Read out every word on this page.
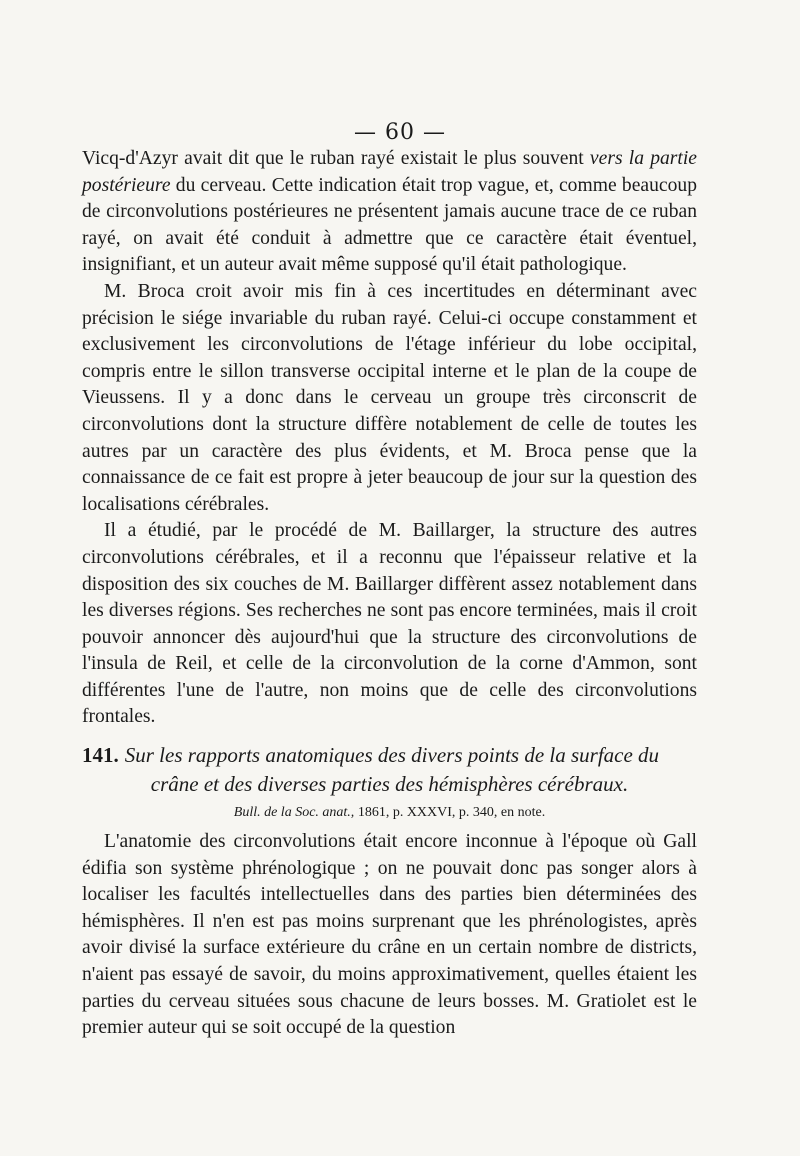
— 60 —

Vicq-d'Azyr avait dit que le ruban rayé existait le plus souvent vers la partie postérieure du cerveau. Cette indication était trop vague, et, comme beaucoup de circonvolutions postérieures ne présentent jamais aucune trace de ce ruban rayé, on avait été conduit à admettre que ce caractère était éventuel, insignifiant, et un auteur avait même supposé qu'il était pathologique.

M. Broca croit avoir mis fin à ces incertitudes en déterminant avec précision le siége invariable du ruban rayé. Celui-ci occupe constamment et exclusivement les circonvolutions de l'étage inférieur du lobe occipital, compris entre le sillon transverse occipital interne et le plan de la coupe de Vieussens. Il y a donc dans le cerveau un groupe très circonscrit de circonvolutions dont la structure diffère notablement de celle de toutes les autres par un caractère des plus évidents, et M. Broca pense que la connaissance de ce fait est propre à jeter beaucoup de jour sur la question des localisations cérébrales.

Il a étudié, par le procédé de M. Baillarger, la structure des autres circonvolutions cérébrales, et il a reconnu que l'épaisseur relative et la disposition des six couches de M. Baillarger diffèrent assez notablement dans les diverses régions. Ses recherches ne sont pas encore terminées, mais il croit pouvoir annoncer dès aujourd'hui que la structure des circonvolutions de l'insula de Reil, et celle de la circonvolution de la corne d'Ammon, sont différentes l'une de l'autre, non moins que de celle des circonvolutions frontales.

141. Sur les rapports anatomiques des divers points de la surface du
crâne et des diverses parties des hémisphères cérébraux.
Bull. de la Soc. anat., 1861, p. XXXVI, p. 340, en note.

L'anatomie des circonvolutions était encore inconnue à l'époque où Gall édifia son système phrénologique ; on ne pouvait donc pas songer alors à localiser les facultés intellectuelles dans des parties bien déterminées des hémisphères. Il n'en est pas moins surprenant que les phrénologistes, après avoir divisé la surface extérieure du crâne en un certain nombre de districts, n'aient pas essayé de savoir, du moins approximativement, quelles étaient les parties du cerveau situées sous chacune de leurs bosses. M. Gratiolet est le premier auteur qui se soit occupé de la question
